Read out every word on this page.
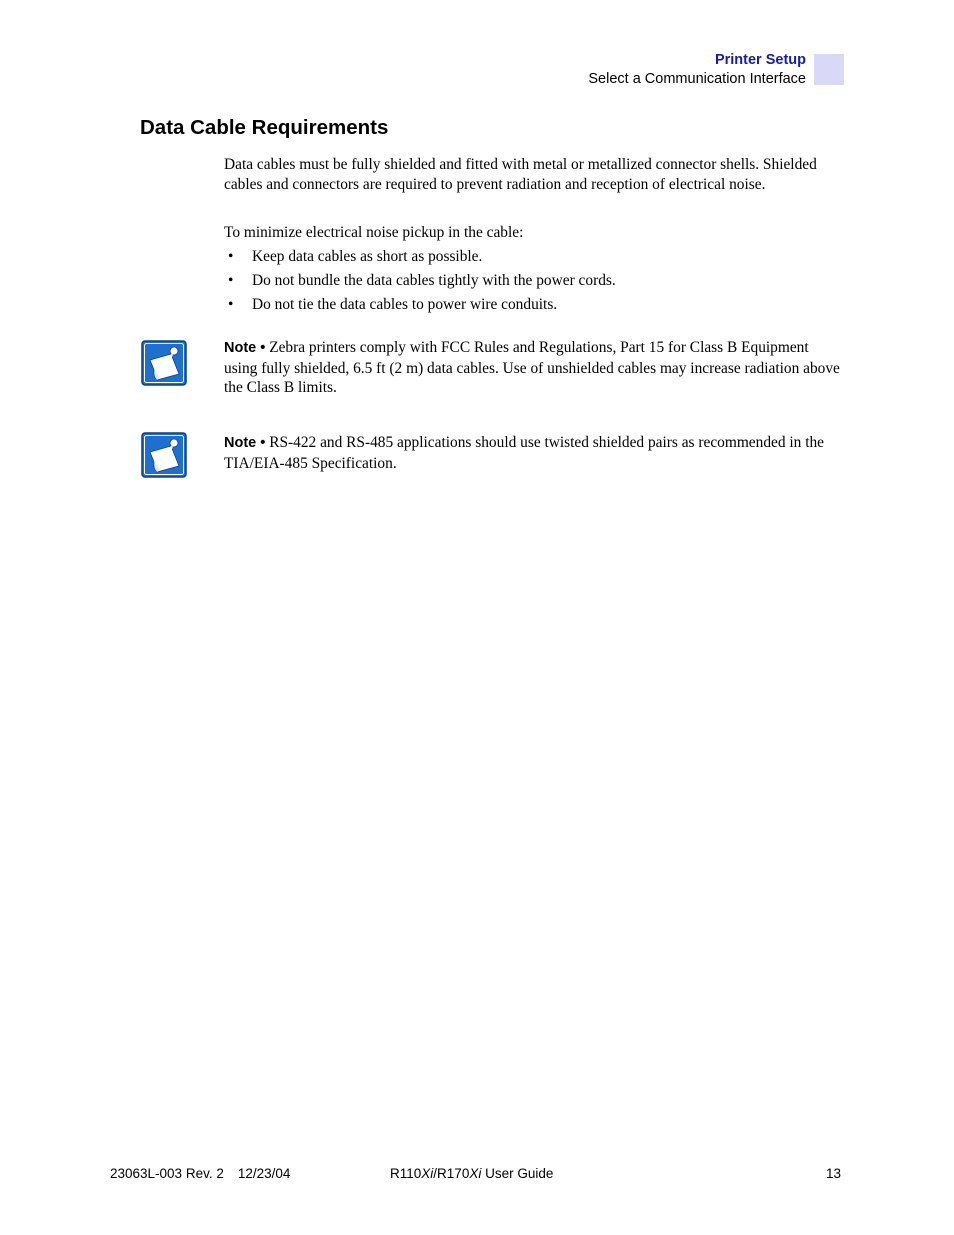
Printer Setup
Select a Communication Interface
Data Cable Requirements

Data cables must be fully shielded and fitted with metal or metallized connector shells. Shielded cables and connectors are required to prevent radiation and reception of electrical noise.

To minimize electrical noise pickup in the cable:

• Keep data cables as short as possible.
• Do not bundle the data cables tightly with the power cords.
• Do not tie the data cables to power wire conduits.

Note • Zebra printers comply with FCC Rules and Regulations, Part 15 for Class B Equipment using fully shielded, 6.5 ft (2 m) data cables. Use of unshielded cables may increase radiation above the Class B limits.

Note • RS-422 and RS-485 applications should use twisted shielded pairs as recommended in the TIA/EIA-485 Specification.

23063L-003 Rev. 2 12/23/04	R110Xi/R170Xi User Guide	13
